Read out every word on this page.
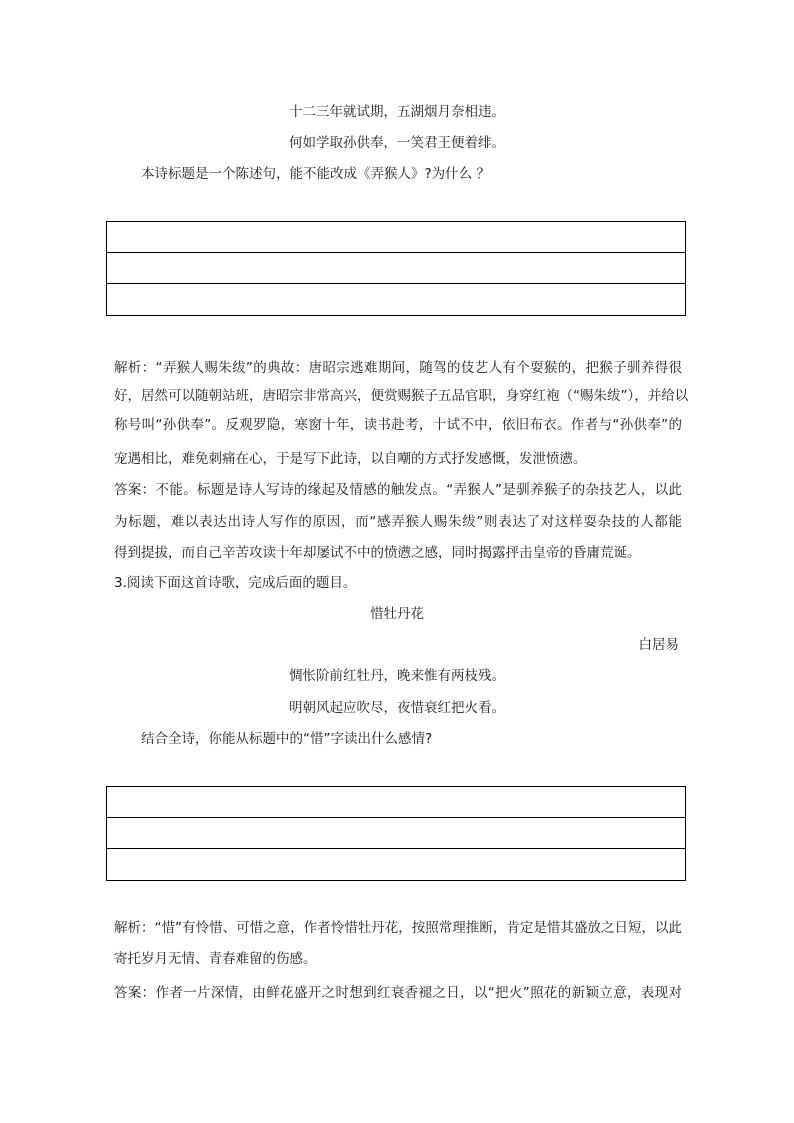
十二三年就试期，五湖烟月奈相违。
何如学取孙供奉，一笑君王便着绯。
本诗标题是一个陈述句，能不能改成《弄猴人》?为什么 ？
解析：“弄猴人赐朱绂”的典故：唐昭宗逃难期间，随驾的伎艺人有个耍猴的，把猴子驯养得很
好，居然可以随朝站班，唐昭宗非常高兴，便赏赐猴子五品官职，身穿红袍（“赐朱绂”），并给以
称号叫“孙供奉”。反观罗隐，寒窗十年，读书赴考，十试不中，依旧布衣。作者与“孙供奉”的
宠遇相比，难免刺痛在心，于是写下此诗，以自嘲的方式抒发感慨，发泄愤懑。
答案：不能。标题是诗人写诗的缘起及情感的触发点。“弄猴人”是驯养猴子的杂技艺人，以此
为标题，难以表达出诗人写作的原因，而“感弄猴人赐朱绂”则表达了对这样耍杂技的人都能
得到提拔，而自己辛苦攻读十年却屡试不中的愤懑之感，同时揭露抨击皇帝的昏庸荒诞。
3.阅读下面这首诗歌，完成后面的题目。
惜牡丹花
白居易
惆怅阶前红牡丹，晚来惟有两枝残。
明朝风起应吹尽，夜惜衰红把火看。
结合全诗，你能从标题中的“惜”字读出什么感情?
解析：“惜”有怜惜、可惜之意，作者怜惜牡丹花，按照常理推断，肯定是惜其盛放之日短，以此
寄托岁月无情、青春难留的伤感。
答案：作者一片深情，由鲜花盛开之时想到红衰香褪之日，以“把火”照花的新颖立意，表现对
